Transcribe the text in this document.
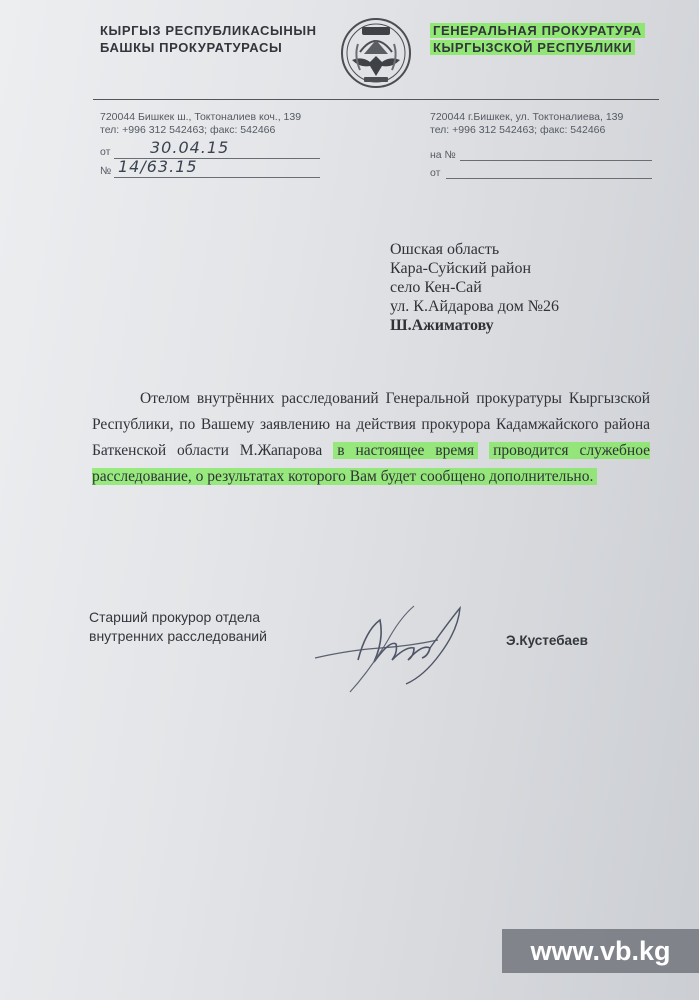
КЫРГЫЗ РЕСПУБЛИКАСЫНЫН
БАШКЫ ПРОКУРАТУРАСЫ
ГЕНЕРАЛЬНАЯ ПРОКУРАТУРА
КЫРГЫЗСКОЙ РЕСПУБЛИКИ
720044 Бишкек ш., Токтоналиев коч., 139
тел: +996 312 542463; факс: 542466
720044 г.Бишкек, ул. Токтоналиева, 139
тел: +996 312 542463; факс: 542466
от 30.04.15
№ 14/63.15
на №
от
Ошская область
Кара-Суйский район
село Кен-Сай
ул. К.Айдарова дом №26
Ш.Ажиматову
Отелом внутрённих расследований Генеральной прокуратуры Кыргызской Республики, по Вашему заявлению на действия прокурора Кадамжайского района Баткенской области М.Жапарова в настоящее время проводится служебное расследование, о результатах которого Вам будет сообщено дополнительно.
Старший прокурор отдела
внутренних расследований	Э.Кустебаев
www.vb.kg
